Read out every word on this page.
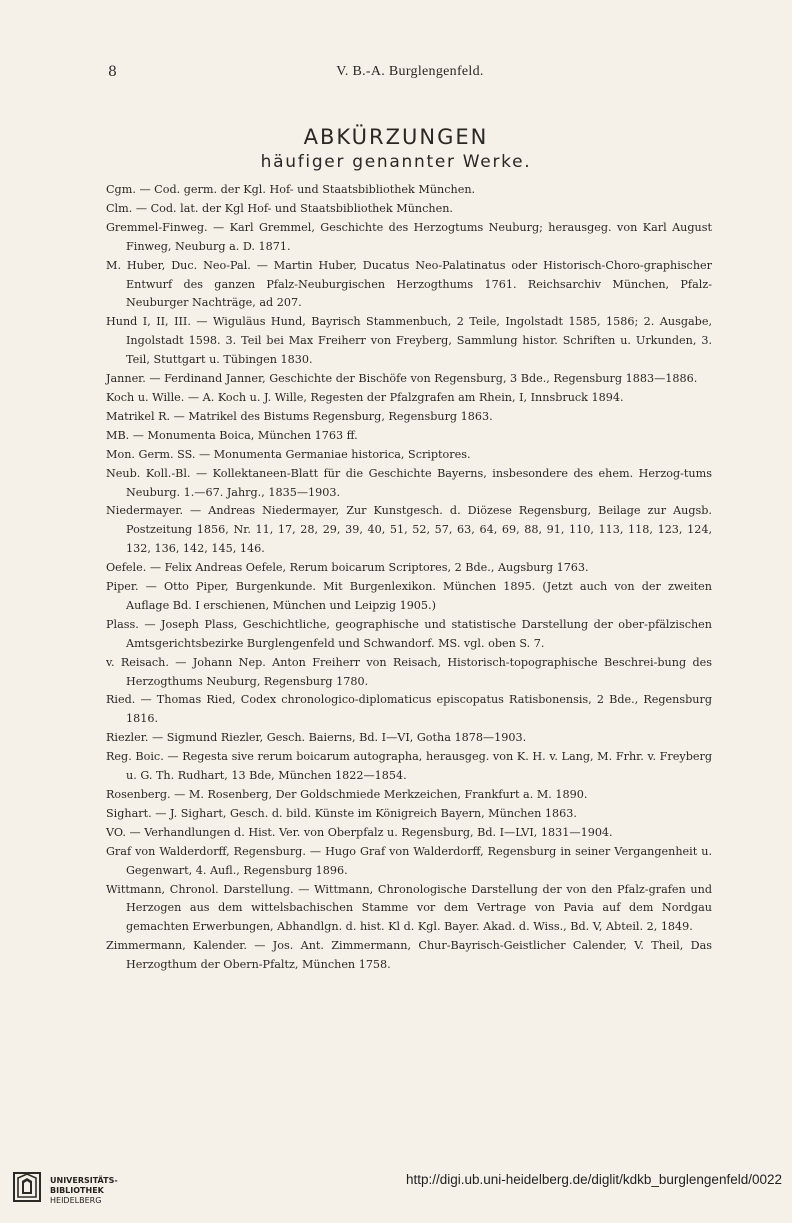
8	V. B.-A. Burglengenfeld.
ABKÜRZUNGEN
häufiger genannter Werke.

Cgm. — Cod. germ. der Kgl. Hof- und Staatsbibliothek München.

Clm. — Cod. lat. der Kgl Hof- und Staatsbibliothek München.

Gremmel-Finweg. — Karl Gremmel, Geschichte des Herzogtums Neuburg; herausgeg. von Karl August Finweg, Neuburg a. D. 1871.

M. Huber, Duc. Neo-Pal. — Martin Huber, Ducatus Neo-Palatinatus oder Historisch-Choro-graphischer Entwurf des ganzen Pfalz-Neuburgischen Herzogthums 1761. Reichsarchiv München, Pfalz-Neuburger Nachträge, ad 207.

Hund I, II, III. — Wiguläus Hund, Bayrisch Stammenbuch, 2 Teile, Ingolstadt 1585, 1586; 2. Ausgabe, Ingolstadt 1598. 3. Teil bei Max Freiherr von Freyberg, Sammlung histor. Schriften u. Urkunden, 3. Teil, Stuttgart u. Tübingen 1830.

Janner. — Ferdinand Janner, Geschichte der Bischöfe von Regensburg, 3 Bde., Regensburg 1883—1886.

Koch u. Wille. — A. Koch u. J. Wille, Regesten der Pfalzgrafen am Rhein, I, Innsbruck 1894.

Matrikel R. — Matrikel des Bistums Regensburg, Regensburg 1863.

MB. — Monumenta Boica, München 1763 ff.

Mon. Germ. SS. — Monumenta Germaniae historica, Scriptores.

Neub. Koll.-Bl. — Kollektaneen-Blatt für die Geschichte Bayerns, insbesondere des ehem. Herzog-tums Neuburg. 1.—67. Jahrg., 1835—1903.

Niedermayer. — Andreas Niedermayer, Zur Kunstgesch. d. Diözese Regensburg, Beilage zur Augsb. Postzeitung 1856, Nr. 11, 17, 28, 29, 39, 40, 51, 52, 57, 63, 64, 69, 88, 91, 110, 113, 118, 123, 124, 132, 136, 142, 145, 146.

Oefele. — Felix Andreas Oefele, Rerum boicarum Scriptores, 2 Bde., Augsburg 1763.

Piper. — Otto Piper, Burgenkunde. Mit Burgenlexikon. München 1895. (Jetzt auch von der zweiten Auflage Bd. I erschienen, München und Leipzig 1905.)

Plass. — Joseph Plass, Geschichtliche, geographische und statistische Darstellung der ober-pfälzischen Amtsgerichtsbezirke Burglengenfeld und Schwandorf. MS. vgl. oben S. 7.

v. Reisach. — Johann Nep. Anton Freiherr von Reisach, Historisch-topographische Beschrei-bung des Herzogthums Neuburg, Regensburg 1780.

Ried. — Thomas Ried, Codex chronologico-diplomaticus episcopatus Ratisbonensis, 2 Bde., Regensburg 1816.

Riezler. — Sigmund Riezler, Gesch. Baierns, Bd. I—VI, Gotha 1878—1903.

Reg. Boic. — Regesta sive rerum boicarum autographa, herausgeg. von K. H. v. Lang, M. Frhr. v. Freyberg u. G. Th. Rudhart, 13 Bde, München 1822—1854.

Rosenberg. — M. Rosenberg, Der Goldschmiede Merkzeichen, Frankfurt a. M. 1890.

Sighart. — J. Sighart, Gesch. d. bild. Künste im Königreich Bayern, München 1863.

VO. — Verhandlungen d. Hist. Ver. von Oberpfalz u. Regensburg, Bd. I—LVI, 1831—1904.

Graf von Walderdorff, Regensburg. — Hugo Graf von Walderdorff, Regensburg in seiner Vergangenheit u. Gegenwart, 4. Aufl., Regensburg 1896.

Wittmann, Chronol. Darstellung. — Wittmann, Chronologische Darstellung der von den Pfalz-grafen und Herzogen aus dem wittelsbachischen Stamme vor dem Vertrage von Pavia auf dem Nordgau gemachten Erwerbungen, Abhandlgn. d. hist. Kl d. Kgl. Bayer. Akad. d. Wiss., Bd. V, Abteil. 2, 1849.

Zimmermann, Kalender. — Jos. Ant. Zimmermann, Chur-Bayrisch-Geistlicher Calender, V. Theil, Das Herzogthum der Obern-Pfaltz, München 1758.

UNIVERSITÄTS-
BIBLIOTHEK
HEIDELBERG
http://digi.ub.uni-heidelberg.de/diglit/kdkb_burglengenfeld/0022
